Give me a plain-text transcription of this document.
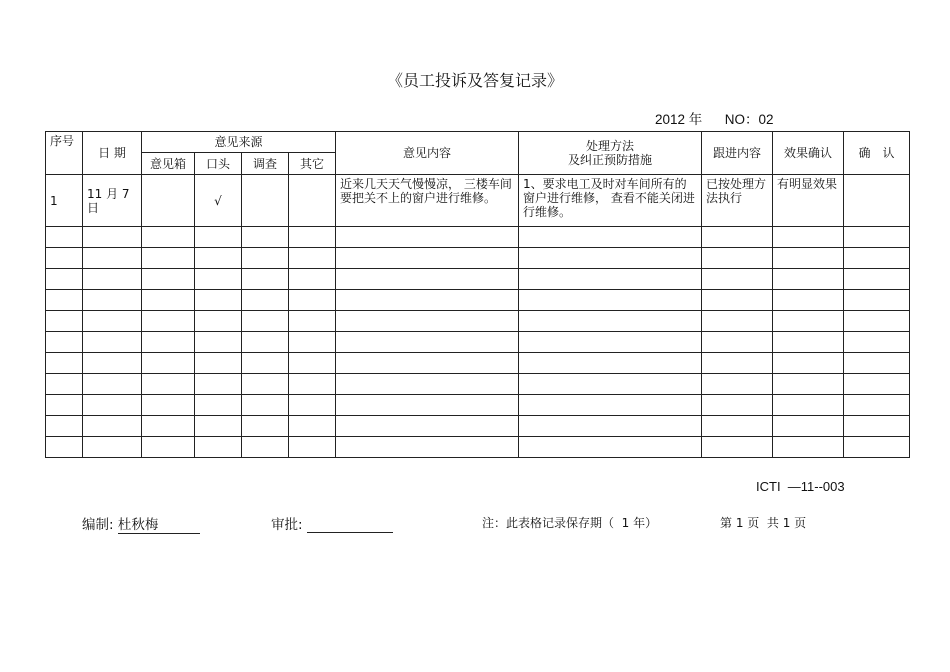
《员工投诉及答复记录》
2012 年      NO：02
序号	日 期	意见来源				意见内容	处理方法
及纠正预防措施	跟进内容	效果确认	确　认
		意见箱	口头	调查	其它					
1	11 月 7 日		√			近来几天天气慢慢凉， 三楼车间要把关不上的窗户进行维修。	1、要求电工及时对车间所有的窗户进行维修， 查看不能关闭进行维修。	已按处理方法执行	有明显效果	

ICTI  —11--003
编制: 杜秋梅	审批:	注：此表格记录保存期（  1 年）	第 1 页  共 1 页
